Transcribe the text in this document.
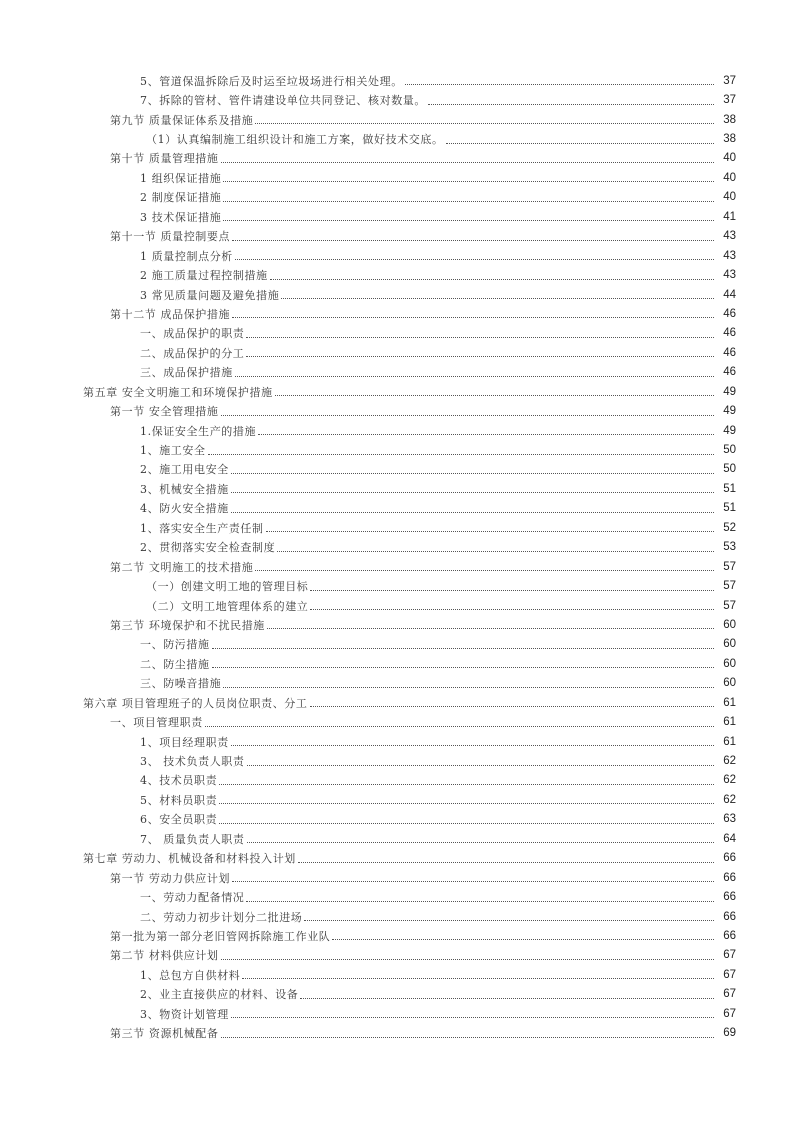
5、管道保温拆除后及时运至垃圾场进行相关处理。	37
7、拆除的管材、管件请建设单位共同登记、核对数量。	37
第九节 质量保证体系及措施	38
（1）认真编制施工组织设计和施工方案，做好技术交底。	38
第十节 质量管理措施	40
1 组织保证措施	40
2 制度保证措施	40
3 技术保证措施	41
第十一节 质量控制要点	43
1 质量控制点分析	43
2 施工质量过程控制措施	43
3 常见质量问题及避免措施	44
第十二节 成品保护措施	46
一、成品保护的职责	46
二、成品保护的分工	46
三、成品保护措施	46
第五章 安全文明施工和环境保护措施	49
第一节 安全管理措施	49
1.保证安全生产的措施	49
1、施工安全	50
2、施工用电安全	50
3、机械安全措施	51
4、防火安全措施	51
1、落实安全生产责任制	52
2、贯彻落实安全检查制度	53
第二节 文明施工的技术措施	57
（一）创建文明工地的管理目标	57
（二）文明工地管理体系的建立	57
第三节 环境保护和不扰民措施	60
一、防污措施	60
二、防尘措施	60
三、防噪音措施	60
第六章 项目管理班子的人员岗位职责、分工	61
一、项目管理职责	61
1、项目经理职责	61
3、 技术负责人职责	62
4、技术员职责	62
5、材料员职责	62
6、安全员职责	63
7、 质量负责人职责	64
第七章 劳动力、机械设备和材料投入计划	66
第一节 劳动力供应计划	66
一、劳动力配备情况	66
二、劳动力初步计划分二批进场	66
第一批为第一部分老旧管网拆除施工作业队	66
第二节 材料供应计划	67
1、总包方自供材料	67
2、业主直接供应的材料、设备	67
3、物资计划管理	67
第三节 资源机械配备	69
